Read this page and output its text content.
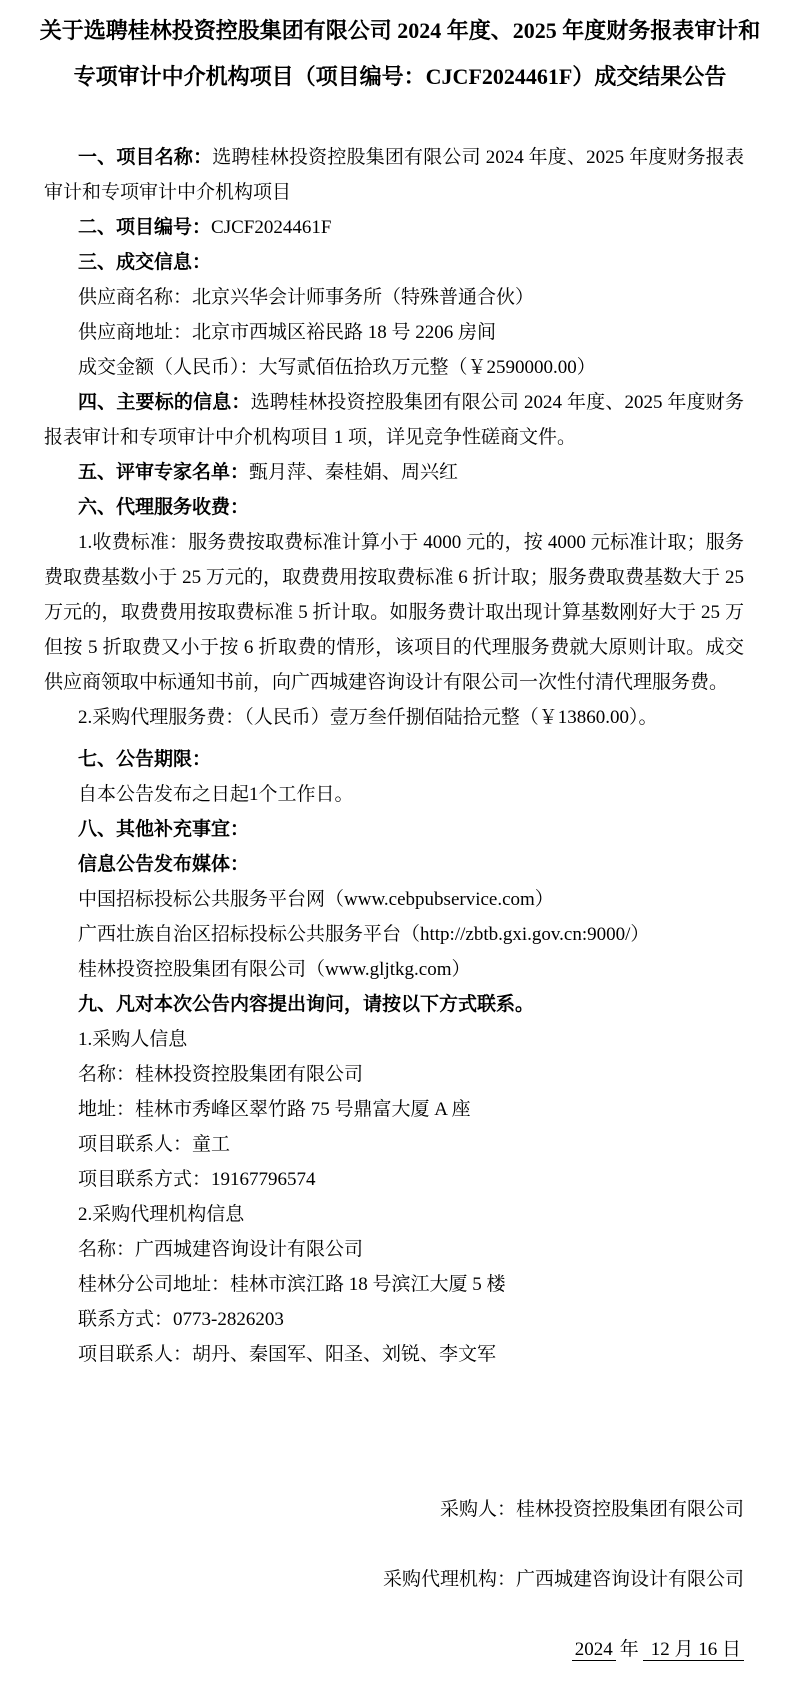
关于选聘桂林投资控股集团有限公司 2024 年度、2025 年度财务报表审计和
专项审计中介机构项目（项目编号：CJCF2024461F）成交结果公告

一、项目名称：选聘桂林投资控股集团有限公司 2024 年度、2025 年度财务报表审计和专项审计中介机构项目

二、项目编号：CJCF2024461F

三、成交信息：

供应商名称：北京兴华会计师事务所（特殊普通合伙）

供应商地址：北京市西城区裕民路 18 号 2206 房间

成交金额（人民币）：大写贰佰伍拾玖万元整（￥2590000.00）

四、主要标的信息：选聘桂林投资控股集团有限公司 2024 年度、2025 年度财务报表审计和专项审计中介机构项目 1 项，详见竞争性磋商文件。

五、评审专家名单：甄月萍、秦桂娟、周兴红

六、代理服务收费：

1.收费标准：服务费按取费标准计算小于 4000 元的，按 4000 元标准计取；服务费取费基数小于 25 万元的，取费费用按取费标准 6 折计取；服务费取费基数大于 25 万元的，取费费用按取费标准 5 折计取。如服务费计取出现计算基数刚好大于 25 万但按 5 折取费又小于按 6 折取费的情形，该项目的代理服务费就大原则计取。成交供应商领取中标通知书前，向广西城建咨询设计有限公司一次性付清代理服务费。

2.采购代理服务费：（人民币）壹万叁仟捌佰陆拾元整（￥13860.00）。

七、公告期限：

自本公告发布之日起1个工作日。

八、其他补充事宜：

信息公告发布媒体：

中国招标投标公共服务平台网（www.cebpubservice.com）

广西壮族自治区招标投标公共服务平台（http://zbtb.gxi.gov.cn:9000/）

桂林投资控股集团有限公司（www.gljtkg.com）

九、凡对本次公告内容提出询问，请按以下方式联系。

1.采购人信息

名称：桂林投资控股集团有限公司

地址：桂林市秀峰区翠竹路 75 号鼎富大厦 A 座

项目联系人：童工

项目联系方式：19167796574

2.采购代理机构信息

名称：广西城建咨询设计有限公司

桂林分公司地址：桂林市滨江路 18 号滨江大厦 5 楼

联系方式：0773-2826203

项目联系人：胡丹、秦国军、阳圣、刘锐、李文军

采购人：桂林投资控股集团有限公司

采购代理机构：广西城建咨询设计有限公司

2024 年 12 月 16 日
